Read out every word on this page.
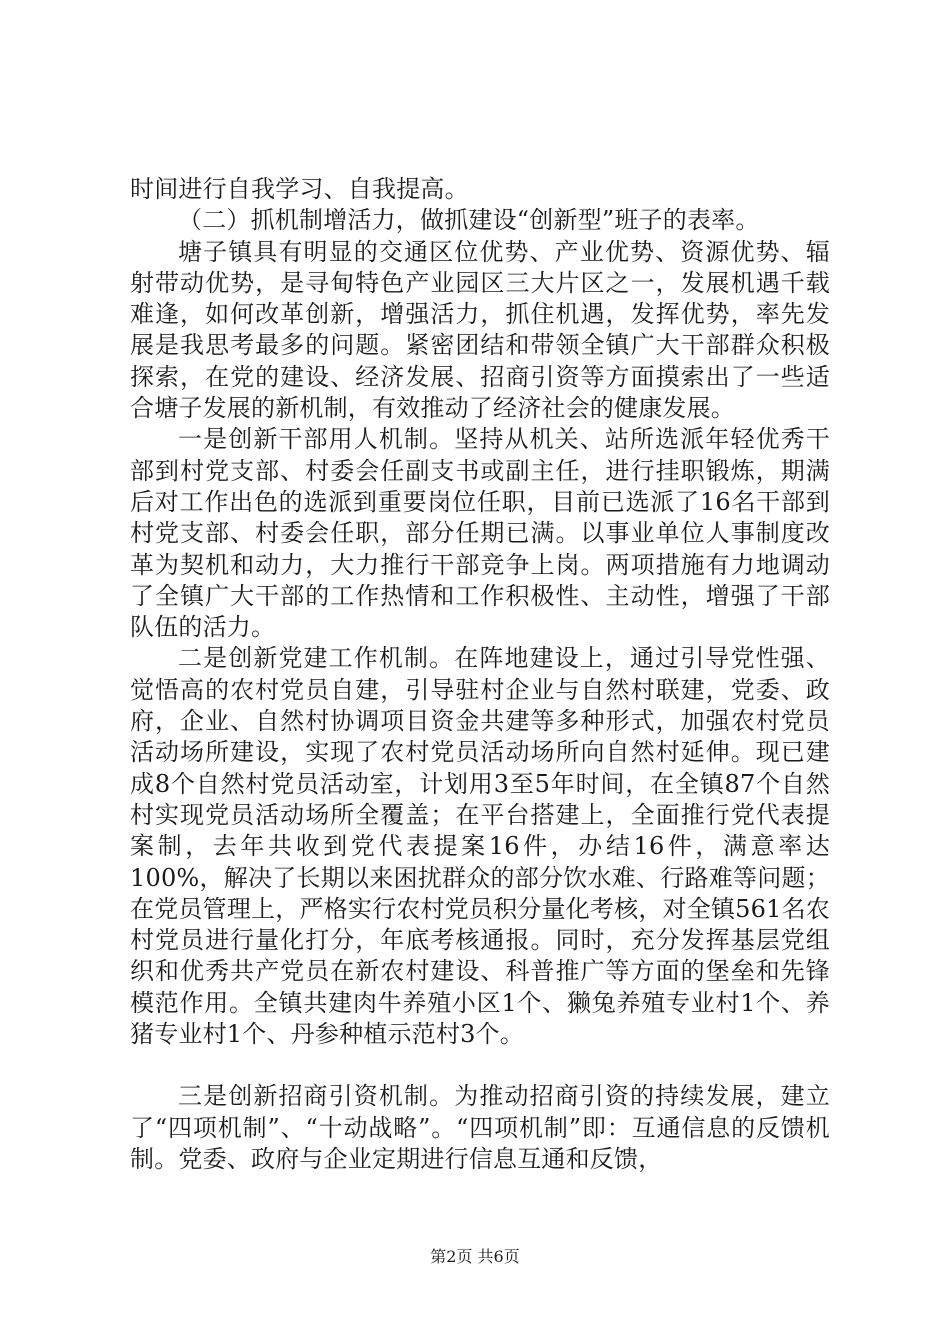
时间进行自我学习、自我提高。

（二）抓机制增活力，做抓建设“创新型”班子的表率。

塘子镇具有明显的交通区位优势、产业优势、资源优势、辐射带动优势，是寻甸特色产业园区三大片区之一，发展机遇千载难逢，如何改革创新，增强活力，抓住机遇，发挥优势，率先发展是我思考最多的问题。紧密团结和带领全镇广大干部群众积极探索，在党的建设、经济发展、招商引资等方面摸索出了一些适合塘子发展的新机制，有效推动了经济社会的健康发展。

一是创新干部用人机制。坚持从机关、站所选派年轻优秀干部到村党支部、村委会任副支书或副主任，进行挂职锻炼，期满后对工作出色的选派到重要岗位任职，目前已选派了16名干部到村党支部、村委会任职，部分任期已满。以事业单位人事制度改革为契机和动力，大力推行干部竞争上岗。两项措施有力地调动了全镇广大干部的工作热情和工作积极性、主动性，增强了干部队伍的活力。

二是创新党建工作机制。在阵地建设上，通过引导党性强、觉悟高的农村党员自建，引导驻村企业与自然村联建，党委、政府，企业、自然村协调项目资金共建等多种形式，加强农村党员活动场所建设，实现了农村党员活动场所向自然村延伸。现已建成8个自然村党员活动室，计划用3至5年时间，在全镇87个自然村实现党员活动场所全覆盖；在平台搭建上，全面推行党代表提案制，去年共收到党代表提案16件，办结16件，满意率达100%，解决了长期以来困扰群众的部分饮水难、行路难等问题；在党员管理上，严格实行农村党员积分量化考核，对全镇561名农村党员进行量化打分，年底考核通报。同时，充分发挥基层党组织和优秀共产党员在新农村建设、科普推广等方面的堡垒和先锋模范作用。全镇共建肉牛养殖小区1个、獭兔养殖专业村1个、养猪专业村1个、丹参种植示范村3个。

三是创新招商引资机制。为推动招商引资的持续发展，建立了“四项机制”、“十动战略”。“四项机制”即：互通信息的反馈机制。党委、政府与企业定期进行信息互通和反馈，

第2页 共6页
